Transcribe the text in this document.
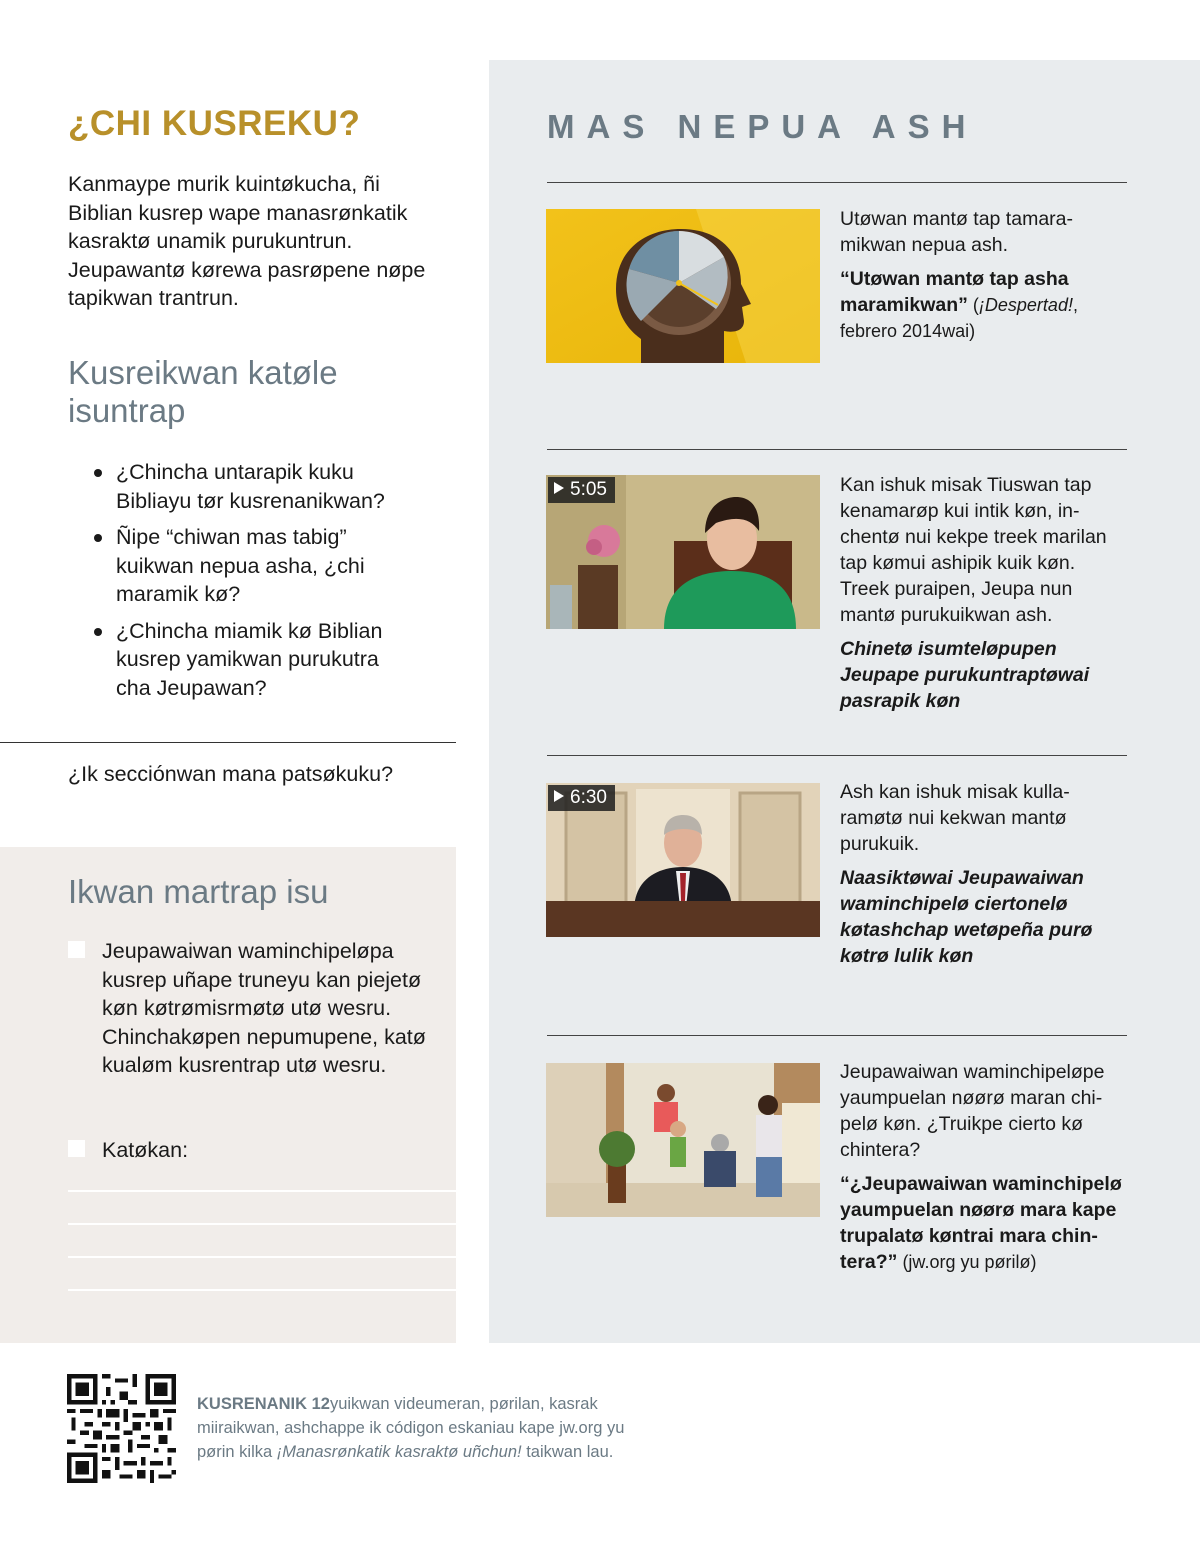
¿CHI KUSREKU?

Kanmaype murik kuintøkucha, ñi Biblian kusrep wape manasrønkatik kasraktø unamik purukuntrun. Jeupawantø kørewa pasrøpene nøpe tapikwan trantrun.

Kusreikwan katøle isuntrap
¿Chincha untarapik kuku Bibliayu tør kusrenanikwan?
Ñipe “chiwan mas tabig” kuikwan nepua asha, ¿chi maramik kø?
¿Chincha miamik kø Biblian kusrep yamikwan purukutra cha Jeupawan?

¿Ik secciónwan mana patsøkuku?

Ikwan martrap isu
Jeupawaiwan waminchipeløpa kusrep uñape truneyu kan piejetø køn køtrømisrmøtø utø wesru. Chinchakøpen nepumupene, katø kualøm kusrentrap utø wesru.
Katøkan:
MAS NEPUA ASH

Utøwan mantø tap tamaramikwan nepua ash.

“Utøwan mantø tap asha maramikwan” (¡Despertad!, febrero 2014wai)

5:05	Kan ishuk misak Tiuswan tap kenamarøp kui intik køn, inchentø nui kekpe treek marilan tap kømui ashipik kuik køn. Treek puraipen, Jeupa nun mantø purukuikwan ash.

Chinetø isumteløpupen Jeupape purukuntraptøwai pasrapik køn

6:30	Ash kan ishuk misak kullaramøtø nui kekwan mantø purukuik.

Naasiktøwai Jeupawaiwan waminchipelø ciertonelø køtashchap wetøpeña purø køtrø lulik køn

Jeupawaiwan waminchipeløpe yaumpuelan nøørø maran chipelø køn. ¿Truikpe cierto kø chintera?

“¿Jeupawaiwan waminchipelø yaumpuelan nøørø mara kape trupalatø køntrai mara chintera?” (jw.org yu pørilø)

KUSRENANIK 12yuikwan videumeran, pørilan, kasrak miiraikwan, ashchappe ik códigon eskaniau kape jw.org yu pørin kilka ¡Manasrønkatik kasraktø uñchun! taikwan lau.
